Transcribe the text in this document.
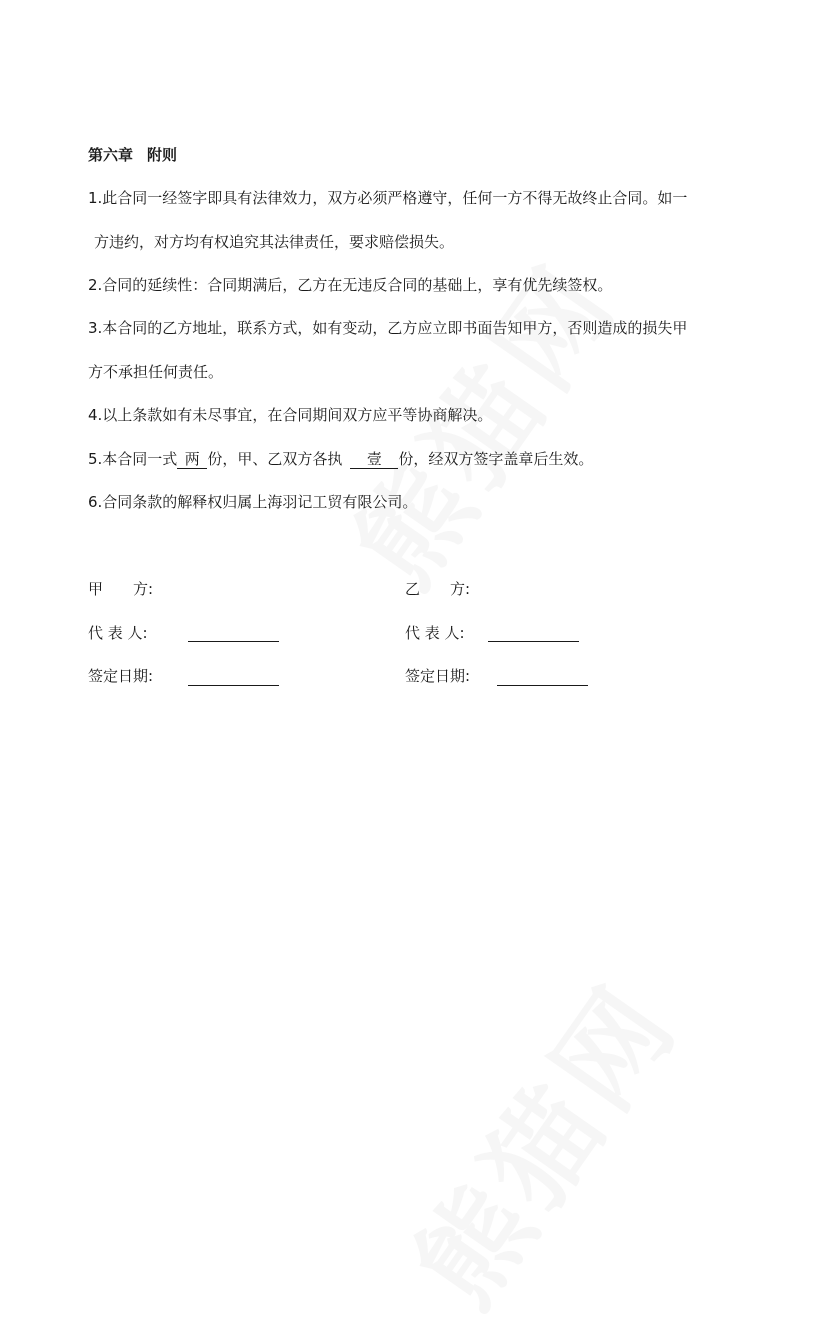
第六章 附则
1.此合同一经签字即具有法律效力，双方必须严格遵守，任何一方不得无故终止合同。如一
方违约，对方均有权追究其法律责任，要求赔偿损失。
2.合同的延续性：合同期满后，乙方在无违反合同的基础上，享有优先续签权。
3.本合同的乙方地址，联系方式，如有变动，乙方应立即书面告知甲方，否则造成的损失甲
方不承担任何责任。
4.以上条款如有未尽事宜，在合同期间双方应平等协商解决。
5.本合同一式 两 份，甲、乙双方各执 壹 份，经双方签字盖章后生效。
6.合同条款的解释权归属上海羽记工贸有限公司。
甲　　方:
代 表 人:
签定日期:
乙　　方:
代 表 人:
签定日期:
